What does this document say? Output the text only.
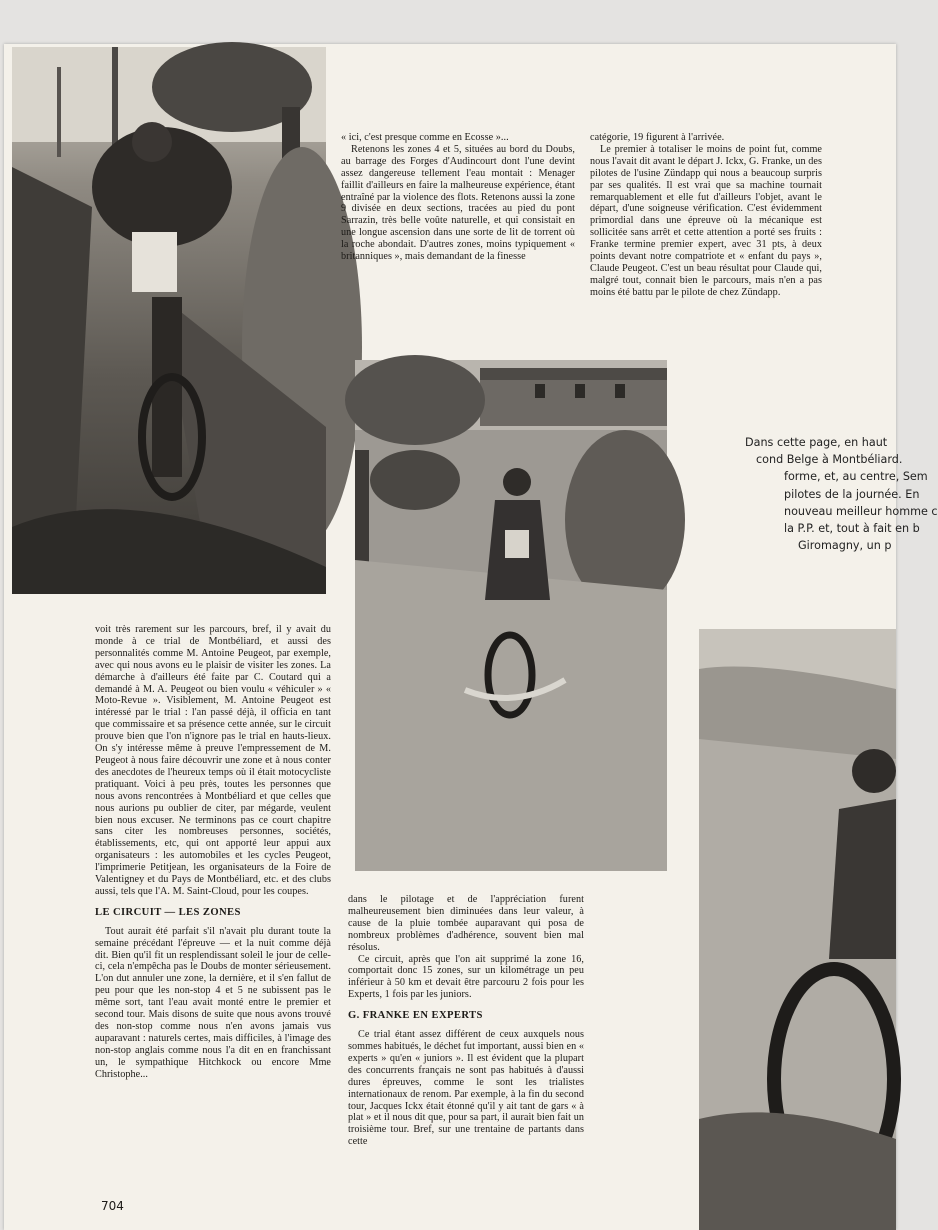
Dans cette page, en haut
cond Belge à Montbéliard.
forme, et, au centre, Sem
pilotes de la journée. En
nouveau meilleur homme c
la P.P. et, tout à fait en b
Giromagny, un p

« ici, c'est presque comme en Ecosse »...

Retenons les zones 4 et 5, situées au bord du Doubs, au barrage des Forges d'Audincourt dont l'une devint assez dangereuse tellement l'eau montait : Menager faillit d'ailleurs en faire la malheureuse expérience, étant entraîné par la violence des flots. Retenons aussi la zone 9 divisée en deux sections, tracées au pied du pont Sarrazin, très belle voûte naturelle, et qui consistait en une longue ascension dans une sorte de lit de torrent où la roche abondait. D'autres zones, moins typiquement « britanniques », mais demandant de la finesse

catégorie, 19 figurent à l'arrivée.

Le premier à totaliser le moins de point fut, comme nous l'avait dit avant le départ J. Ickx, G. Franke, un des pilotes de l'usine Zündapp qui nous a beaucoup surpris par ses qualités. Il est vrai que sa machine tournait remarquablement et elle fut d'ailleurs l'objet, avant le départ, d'une soigneuse vérification. C'est évidemment primordial dans une épreuve où la mécanique est sollicitée sans arrêt et cette attention a porté ses fruits : Franke termine premier expert, avec 31 pts, à deux points devant notre compatriote et « enfant du pays », Claude Peugeot. C'est un beau résultat pour Claude qui, malgré tout, connait bien le parcours, mais n'en a pas moins été battu par le pilote de chez Zündapp.

voit très rarement sur les parcours, bref, il y avait du monde à ce trial de Montbéliard, et aussi des personnalités comme M. Antoine Peugeot, par exemple, avec qui nous avons eu le plaisir de visiter les zones. La démarche à d'ailleurs été faite par C. Coutard qui a demandé à M. A. Peugeot ou bien voulu « véhiculer » « Moto-Revue ». Visiblement, M. Antoine Peugeot est intéressé par le trial : l'an passé déjà, il officia en tant que commissaire et sa présence cette année, sur le circuit prouve bien que l'on n'ignore pas le trial en hauts-lieux. On s'y intéresse même à preuve l'empressement de M. Peugeot à nous faire découvrir une zone et à nous conter des anecdotes de l'heureux temps où il était motocycliste pratiquant. Voici à peu près, toutes les personnes que nous avons rencontrées à Montbéliard et que celles que nous aurions pu oublier de citer, par mégarde, veulent bien nous excuser. Ne terminons pas ce court chapitre sans citer les nombreuses personnes, sociétés, établissements, etc, qui ont apporté leur appui aux organisateurs : les automobiles et les cycles Peugeot, l'imprimerie Petitjean, les organisateurs de la Foire de Valentigney et du Pays de Montbéliard, etc. et des clubs aussi, tels que l'A. M. Saint-Cloud, pour les coupes.

LE CIRCUIT — LES ZONES

Tout aurait été parfait s'il n'avait plu durant toute la semaine précédant l'épreuve — et la nuit comme déjà dit. Bien qu'il fit un resplendissant soleil le jour de celle-ci, cela n'empêcha pas le Doubs de monter sérieusement. L'on dut annuler une zone, la dernière, et il s'en fallut de peu pour que les non-stop 4 et 5 ne subissent pas le même sort, tant l'eau avait monté entre le premier et second tour. Mais disons de suite que nous avons trouvé des non-stop comme nous n'en avons jamais vus auparavant : naturels certes, mais difficiles, à l'image des non-stop anglais comme nous l'a dit en en franchissant un, le sympathique Hitchkock ou encore Mme Christophe...

dans le pilotage et de l'appréciation furent malheureusement bien diminuées dans leur valeur, à cause de la pluie tombée auparavant qui posa de nombreux problèmes d'adhérence, souvent bien mal résolus.

Ce circuit, après que l'on ait supprimé la zone 16, comportait donc 15 zones, sur un kilométrage un peu inférieur à 50 km et devait être parcouru 2 fois pour les Experts, 1 fois par les juniors.

G. FRANKE EN EXPERTS

Ce trial étant assez différent de ceux auxquels nous sommes habitués, le déchet fut important, aussi bien en « experts » qu'en « juniors ». Il est évident que la plupart des concurrents français ne sont pas habitués à d'aussi dures épreuves, comme le sont les trialistes internationaux de renom. Par exemple, à la fin du second tour, Jacques Ickx était étonné qu'il y ait tant de gars « à plat » et il nous dit que, pour sa part, il aurait bien fait un troisième tour. Bref, sur une trentaine de partants dans cette

704
